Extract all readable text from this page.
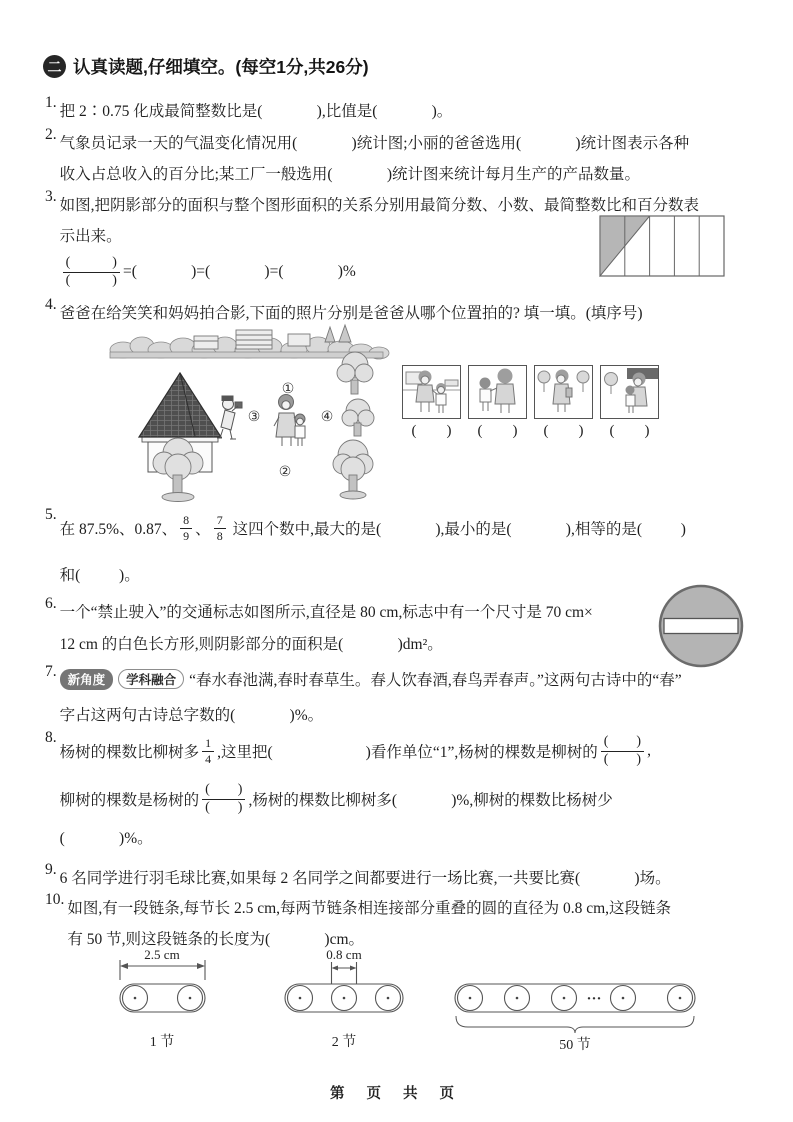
二 认真读题,仔细填空。(每空1分,共26分)
1. 把 2∶0.75 化成最简整数比是(              ),比值是(              )。
2. 气象员记录一天的气温变化情况用(              )统计图;小丽的爸爸选用(              )统计图表示各种
收入占总收入的百分比;某工厂一般选用(              )统计图来统计每月生产的产品数量。
3. 如图,把阴影部分的面积与整个图形面积的关系分别用最简分数、小数、最简整数比和百分数表
示出来。
$\frac{( )}{( )}$ =(              )=(              )=(              )%
4. 爸爸在给笑笑和妈妈拍合影,下面的照片分别是爸爸从哪个位置拍的? 填一填。(填序号)
①
③	④
②
(        )	(        )	(        )	(        )
5.
在 87.5%、0.87、 $\frac{8}{9}$ 、 $\frac{7}{8}$ 这四个数中,最大的是(              ),最小的是(              ),相等的是(          )
和(          )。
6.
一个“禁止驶入”的交通标志如图所示,直径是 80 cm,标志中有一个尺寸是 70 cm×
12 cm 的白色长方形,则阴影部分的面积是(              )dm²。
7. 新角度	学科融合 “春水春池满,春时春草生。春人饮春酒,春鸟弄春声。”这两句古诗中的“春”
字占这两句古诗总字数的(              )%。
8.
杨树的棵数比柳树多 $\frac{1}{4}$ ,这里把(                        )看作单位“1”,杨树的棵数是柳树的 $\frac{( )}{( )}$ ,
柳树的棵数是杨树的 $\frac{( )}{( )}$ ,杨树的棵数比柳树多(              )%,柳树的棵数比杨树少
(              )%。
9. 6 名同学进行羽毛球比赛,如果每 2 名同学之间都要进行一场比赛,一共要比赛(              )场。
10. 如图,有一段链条,每节长 2.5 cm,每两节链条相连接部分重叠的圆的直径为 0.8 cm,这段链条
有 50 节,则这段链条的长度为(              )cm。
2.5 cm
1 节
0.8 cm
2 节
···
50 节
第 页 共 页
